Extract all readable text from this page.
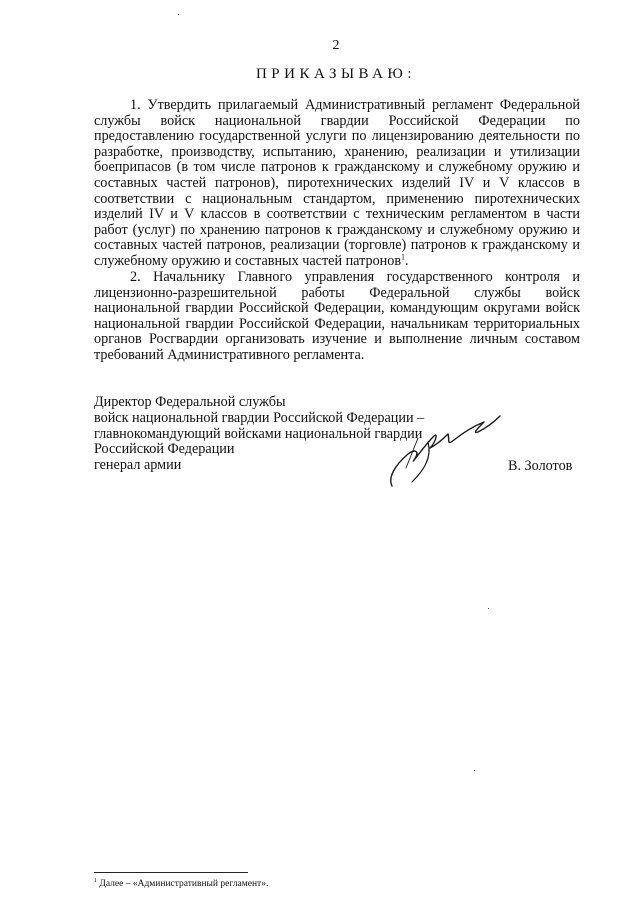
2
ПРИКАЗЫВАЮ:

1. Утвердить прилагаемый Административный регламент Федеральной службы войск национальной гвардии Российской Федерации по предоставлению государственной услуги по лицензированию деятельности по разработке, производству, испытанию, хранению, реализации и утилизации боеприпасов (в том числе патронов к гражданскому и служебному оружию и составных частей патронов), пиротехнических изделий IV и V классов в соответствии с национальным стандартом, применению пиротехнических изделий IV и V классов в соответствии с техническим регламентом в части работ (услуг) по хранению патронов к гражданскому и служебному оружию и составных частей патронов, реализации (торговле) патронов к гражданскому и служебному оружию и составных частей патронов$^1$.

2. Начальнику Главного управления государственного контроля и лицензионно-разрешительной работы Федеральной службы войск национальной гвардии Российской Федерации, командующим округами войск национальной гвардии Российской Федерации, начальникам территориальных органов Росгвардии организовать изучение и выполнение личным составом требований Административного регламента.

Директор Федеральной службы
войск национальной гвардии Российской Федерации –
главнокомандующий войсками национальной гвардии
Российской Федерации
генерал армии	В. Золотов
$^1$ Далее – «Административный регламент».
